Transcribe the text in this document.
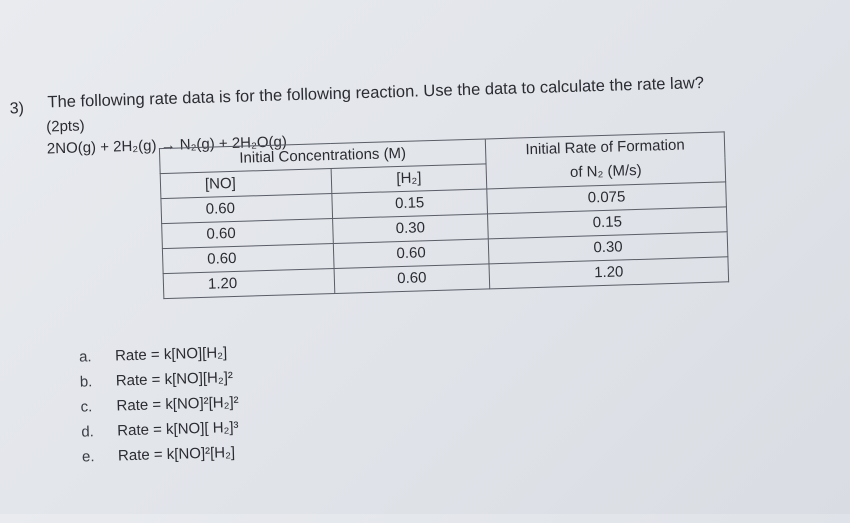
3) The following rate data is for the following reaction. Use the data to calculate the rate law?
(2pts)
2NO(g) + 2H₂(g) → N₂(g) + 2H₂O(g)
Initial Concentrations (M)		Initial Rate of Formation
of N₂ (M/s)

[NO]	[H₂]	
0.60	0.15	0.075
0.60	0.30	0.15
0.60	0.60	0.30
1.20	0.60	1.20
a. Rate = k[NO][H₂]
b. Rate = k[NO][H₂]²
c. Rate = k[NO]²[H₂]²
d. Rate = k[NO][ H₂]³
e. Rate = k[NO]²[H₂]
